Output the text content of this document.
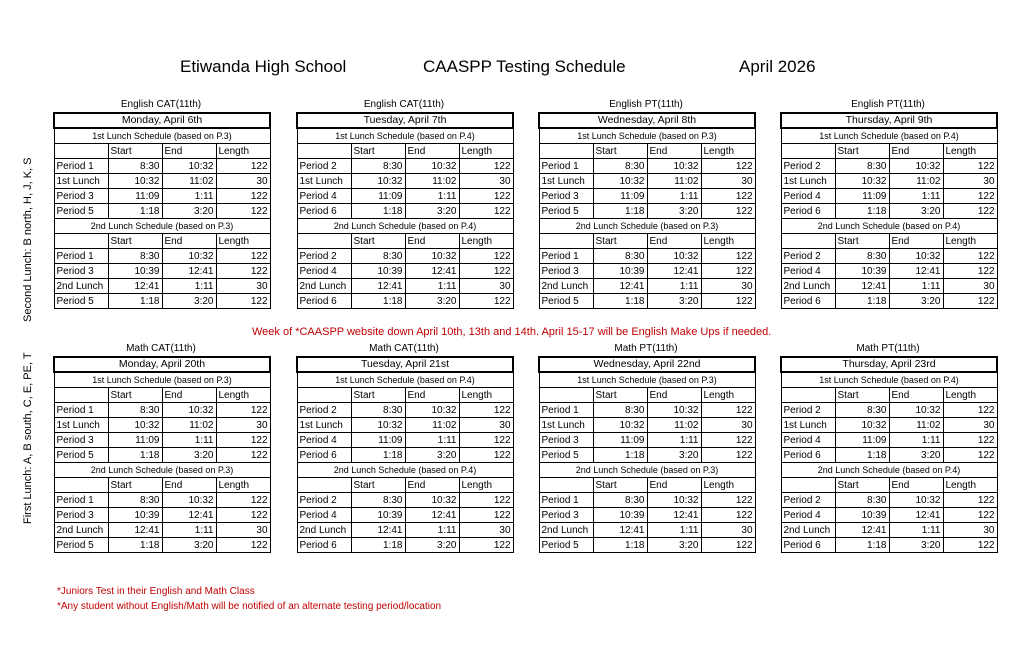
Etiwanda High School	CAASPP Testing Schedule	April 2026
Second Lunch: B north, H, J, K, S
First Lunch: A, B south, C, E, PE, T
English CAT(11th)
Monday, April 6th			
1st Lunch Schedule (based on P.3)			
	Start	End	Length
Period 1	8:30	10:32	122
1st Lunch	10:32	11:02	30
Period 3	11:09	1:11	122
Period 5	1:18	3:20	122
2nd Lunch Schedule (based on P.3)			
	Start	End	Length
Period 1	8:30	10:32	122
Period 3	10:39	12:41	122
2nd Lunch	12:41	1:11	30
Period 5	1:18	3:20	122
English CAT(11th)
Tuesday, April 7th			
1st Lunch Schedule (based on P.4)			
	Start	End	Length
Period 2	8:30	10:32	122
1st Lunch	10:32	11:02	30
Period 4	11:09	1:11	122
Period 6	1:18	3:20	122
2nd Lunch Schedule (based on P.4)			
	Start	End	Length
Period 2	8:30	10:32	122
Period 4	10:39	12:41	122
2nd Lunch	12:41	1:11	30
Period 6	1:18	3:20	122
English PT(11th)
Wednesday, April 8th			
1st Lunch Schedule (based on P.3)			
	Start	End	Length
Period 1	8:30	10:32	122
1st Lunch	10:32	11:02	30
Period 3	11:09	1:11	122
Period 5	1:18	3:20	122
2nd Lunch Schedule (based on P.3)			
	Start	End	Length
Period 1	8:30	10:32	122
Period 3	10:39	12:41	122
2nd Lunch	12:41	1:11	30
Period 5	1:18	3:20	122
English PT(11th)
Thursday, April 9th			
1st Lunch Schedule (based on P.4)			
	Start	End	Length
Period 2	8:30	10:32	122
1st Lunch	10:32	11:02	30
Period 4	11:09	1:11	122
Period 6	1:18	3:20	122
2nd Lunch Schedule (based on P.4)			
	Start	End	Length
Period 2	8:30	10:32	122
Period 4	10:39	12:41	122
2nd Lunch	12:41	1:11	30
Period 6	1:18	3:20	122
Math CAT(11th)
Monday, April 20th			
1st Lunch Schedule (based on P.3)			
	Start	End	Length
Period 1	8:30	10:32	122
1st Lunch	10:32	11:02	30
Period 3	11:09	1:11	122
Period 5	1:18	3:20	122
2nd Lunch Schedule (based on P.3)			
	Start	End	Length
Period 1	8:30	10:32	122
Period 3	10:39	12:41	122
2nd Lunch	12:41	1:11	30
Period 5	1:18	3:20	122
Math CAT(11th)
Tuesday, April 21st			
1st Lunch Schedule (based on P.4)			
	Start	End	Length
Period 2	8:30	10:32	122
1st Lunch	10:32	11:02	30
Period 4	11:09	1:11	122
Period 6	1:18	3:20	122
2nd Lunch Schedule (based on P.4)			
	Start	End	Length
Period 2	8:30	10:32	122
Period 4	10:39	12:41	122
2nd Lunch	12:41	1:11	30
Period 6	1:18	3:20	122
Math PT(11th)
Wednesday, April 22nd			
1st Lunch Schedule (based on P.3)			
	Start	End	Length
Period 1	8:30	10:32	122
1st Lunch	10:32	11:02	30
Period 3	11:09	1:11	122
Period 5	1:18	3:20	122
2nd Lunch Schedule (based on P.3)			
	Start	End	Length
Period 1	8:30	10:32	122
Period 3	10:39	12:41	122
2nd Lunch	12:41	1:11	30
Period 5	1:18	3:20	122
Math PT(11th)
Thursday, April 23rd			
1st Lunch Schedule (based on P.4)			
	Start	End	Length
Period 2	8:30	10:32	122
1st Lunch	10:32	11:02	30
Period 4	11:09	1:11	122
Period 6	1:18	3:20	122
2nd Lunch Schedule (based on P.4)			
	Start	End	Length
Period 2	8:30	10:32	122
Period 4	10:39	12:41	122
2nd Lunch	12:41	1:11	30
Period 6	1:18	3:20	122
Week of *CAASPP website down April 10th, 13th and 14th. April 15-17 will be English Make Ups if needed.
*Juniors Test in their English and Math Class
*Any student without English/Math will be notified of an alternate testing period/location
